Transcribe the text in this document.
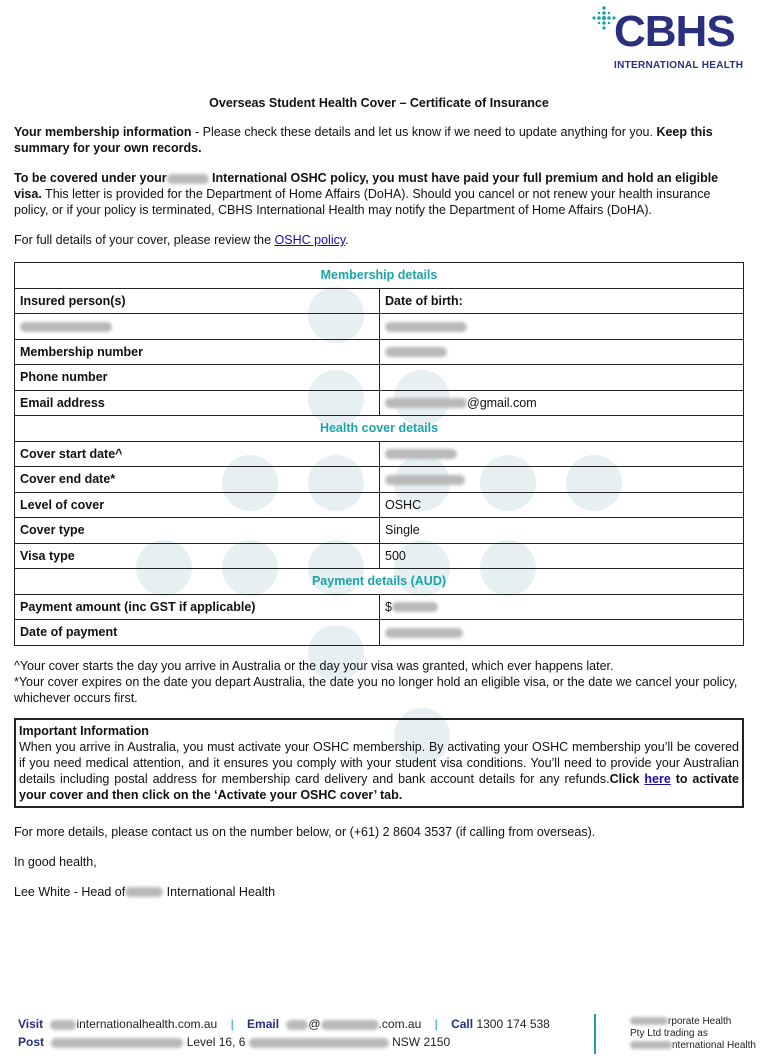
CBHS
INTERNATIONAL HEALTH
Overseas Student Health Cover – Certificate of Insurance

Your membership information - Please check these details and let us know if we need to update anything for you. Keep this summary for your own records.

To be covered under your	International OSHC policy, you must have paid your full premium and hold an eligible visa. This letter is provided for the Department of Home Affairs (DoHA). Should you cancel or not renew your health insurance policy, or if your policy is terminated, CBHS International Health may notify the Department of Home Affairs (DoHA).

For full details of your cover, please review the OSHC policy.

Membership details	
Insured person(s)	Date of birth:

Membership number	
Phone number	
Email address	@gmail.com
Health cover details	
Cover start date^	
Cover end date*	
Level of cover	OSHC
Cover type	Single
Visa type	500
Payment details (AUD)	
Payment amount (inc GST if applicable)	$
Date of payment	

^Your cover starts the day you arrive in Australia or the day your visa was granted, which ever happens later.

*Your cover expires on the date you depart Australia, the date you no longer hold an eligible visa, or the date we cancel your policy, whichever occurs first.

Important Information
When you arrive in Australia, you must activate your OSHC membership. By activating your OSHC membership you’ll be covered if you need medical attention, and it ensures you comply with your student visa conditions. You’ll need to provide your Australian details including postal address for membership card delivery and bank account details for any refunds.Click here to activate your cover and then click on the ‘Activate your OSHC cover’ tab.

For more details, please contact us on the number below, or (+61) 2 8604 3537 (if calling from overseas).

In good health,

Lee White - Head of	International Health

Visit	internationalhealth.com.au | Email @	.com.au | Call 1300 174 538
Post	Level 16, 6	NSW 2150
rporate Health
Pty Ltd trading as
nternational Health
